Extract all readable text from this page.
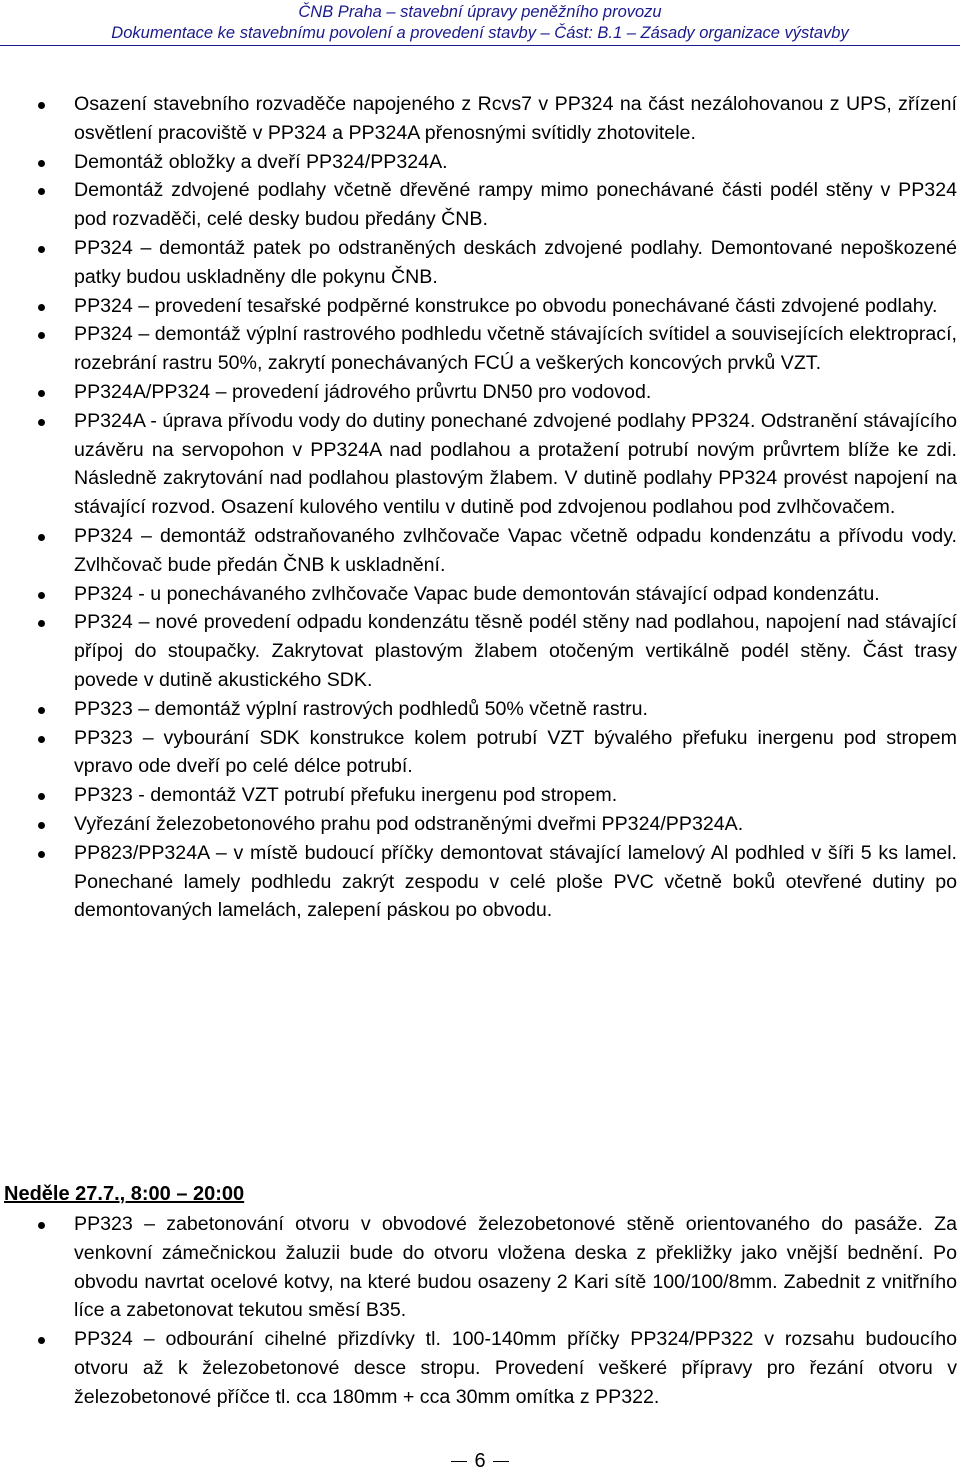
ČNB Praha – stavební úpravy peněžního provozu
Dokumentace ke stavebnímu povolení a provedení stavby – Část: B.1 – Zásady organizace výstavby
Osazení stavebního rozvaděče napojeného z Rcvs7 v PP324 na část nezálohovanou z UPS, zřízení osvětlení pracoviště v PP324 a PP324A přenosnými svítidly zhotovitele.
Demontáž obložky a dveří PP324/PP324A.
Demontáž zdvojené podlahy včetně dřevěné rampy mimo ponechávané části podél stěny v PP324 pod rozvaděči, celé desky budou předány ČNB.
PP324 – demontáž patek po odstraněných deskách zdvojené podlahy. Demontované nepoškozené patky budou uskladněny dle pokynu ČNB.
PP324 – provedení tesařské podpěrné konstrukce po obvodu ponechávané části zdvojené podlahy.
PP324 – demontáž výplní rastrového podhledu včetně stávajících svítidel a souvisejících elektroprací, rozebrání rastru 50%, zakrytí ponechávaných FCÚ a veškerých koncových prvků VZT.
PP324A/PP324 – provedení jádrového průvrtu DN50 pro vodovod.
PP324A - úprava přívodu vody do dutiny ponechané zdvojené podlahy PP324. Odstranění stávajícího uzávěru na servopohon v PP324A nad podlahou a protažení potrubí novým průvrtem blíže ke zdi. Následně zakrytování nad podlahou plastovým žlabem. V dutině podlahy PP324 provést napojení na stávající rozvod. Osazení kulového ventilu v dutině pod zdvojenou podlahou pod zvlhčovačem.
PP324 – demontáž odstraňovaného zvlhčovače Vapac včetně odpadu kondenzátu a přívodu vody. Zvlhčovač bude předán ČNB k uskladnění.
PP324 - u ponechávaného zvlhčovače Vapac bude demontován stávající odpad kondenzátu.
PP324 – nové provedení odpadu kondenzátu těsně podél stěny nad podlahou, napojení nad stávající přípoj do stoupačky. Zakrytovat plastovým žlabem otočeným vertikálně podél stěny. Část trasy povede v dutině akustického SDK.
PP323 – demontáž výplní rastrových podhledů 50% včetně rastru.
PP323 – vybourání SDK konstrukce kolem potrubí VZT bývalého přefuku inergenu pod stropem vpravo ode dveří po celé délce potrubí.
PP323 - demontáž VZT potrubí přefuku inergenu pod stropem.
Vyřezání železobetonového prahu pod odstraněnými dveřmi PP324/PP324A.
PP823/PP324A – v místě budoucí příčky demontovat stávající lamelový Al podhled v šíři 5 ks lamel. Ponechané lamely podhledu zakrýt zespodu v celé ploše PVC včetně boků otevřené dutiny po demontovaných lamelách, zalepení páskou po obvodu.
Neděle 27.7., 8:00 – 20:00
PP323 – zabetonování otvoru v obvodové železobetonové stěně orientovaného do pasáže. Za venkovní zámečnickou žaluzii bude do otvoru vložena deska z překližky jako vnější bednění. Po obvodu navrtat ocelové kotvy, na které budou osazeny 2 Kari sítě 100/100/8mm. Zabednit z vnitřního líce a zabetonovat tekutou směsí B35.
PP324 – odbourání cihelné přizdívky tl. 100-140mm příčky PP324/PP322 v rozsahu budoucího otvoru až k železobetonové desce stropu. Provedení veškeré přípravy pro řezání otvoru v železobetonové příčce tl. cca 180mm + cca 30mm omítka z PP322.
6
